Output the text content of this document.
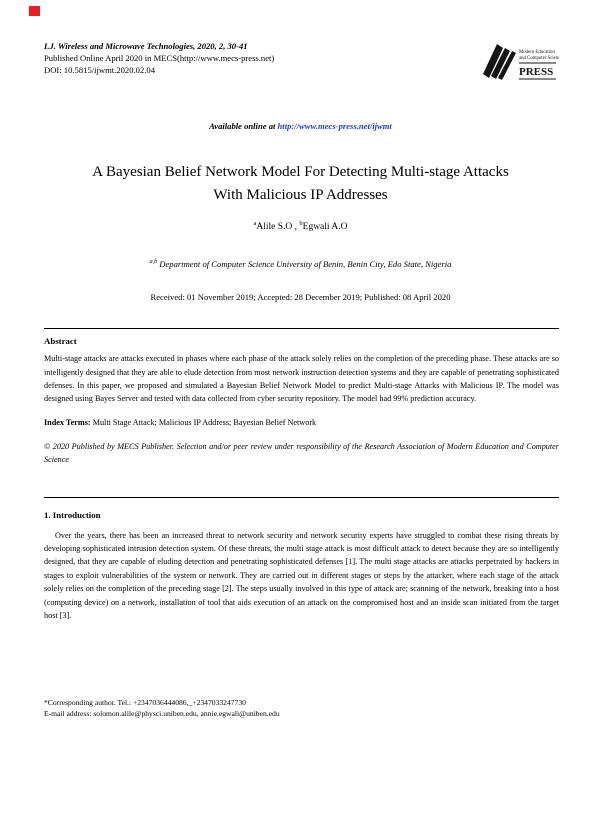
I.J. Wireless and Microwave Technologies, 2020, 2, 30-41
Published Online April 2020 in MECS(http://www.mecs-press.net)
DOI: 10.5815/ijwmt.2020.02.04
Modern Education
and Computer Science
PRESS
Available online at http://www.mecs-press.net/ijwmt
A Bayesian Belief Network Model For Detecting Multi-stage Attacks
With Malicious IP Addresses
$^a$Alile S.O , $^b$Egwali A.O
$^{a,b}$ Department of Computer Science University of Benin, Benin City, Edo State, Nigeria
Received: 01 November 2019; Accepted: 28 December 2019; Published: 08 April 2020
Abstract
Multi-stage attacks are attacks executed in phases where each phase of the attack solely relies on the completion of the preceding phase. These attacks are so intelligently designed that they are able to elude detection from most network instruction detection systems and they are capable of penetrating sophisticated defenses. In this paper, we proposed and simulated a Bayesian Belief Network Model to predict Multi-stage Attacks with Malicious IP. The model was designed using Bayes Server and tested with data collected from cyber security repository. The model had 99% prediction accuracy.
Index Terms: Multi Stage Attack; Malicious IP Address; Bayesian Belief Network
© 2020 Published by MECS Publisher. Selection and/or peer review under responsibility of the Research Association of Modern Education and Computer Science
1. Introduction
Over the years, there has been an increased threat to network security and network security experts have struggled to combat these rising threats by developing sophisticated intrusion detection system. Of these threats, the multi stage attack is most difficult attack to detect because they are so intelligently designed, that they are capable of eluding detection and penetrating sophisticated defenses [1]. The multi stage attacks are attacks perpetrated by hackers in stages to exploit vulnerabilities of the system or network. They are carried out in different stages or steps by the attacker, where each stage of the attack solely relies on the completion of the preceding stage [2]. The steps usually involved in this type of attack are; scanning of the network, breaking into a host (computing device) on a network, installation of tool that aids execution of an attack on the compromised host and an inside scan initiated from the target host [3].
*Corresponding author. Tel.: +2347036444086,_+2347033247730
E-mail address: solomon.alile@physci.uniben.edu, annie.egwali@uniben.edu
